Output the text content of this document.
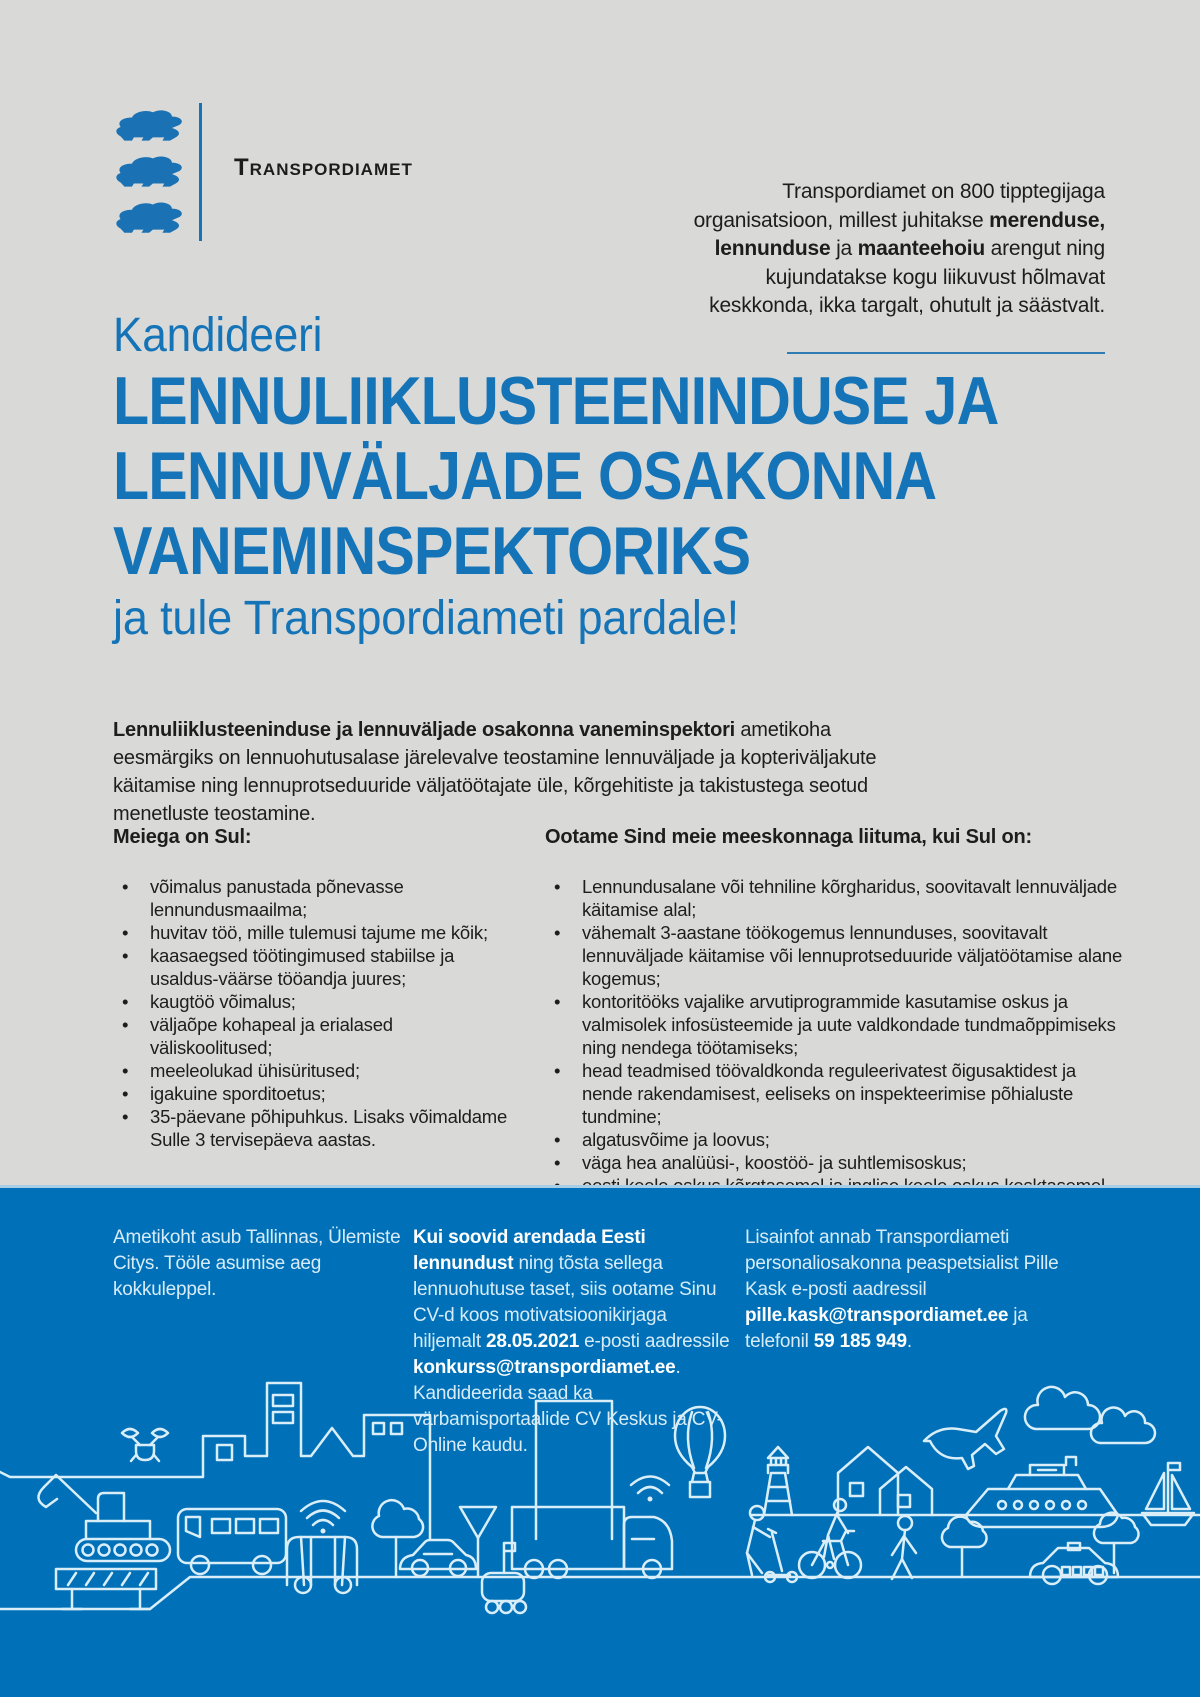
Transpordiamet

Transpordiamet on 800 tipptegijaga organisatsioon, millest juhitakse merenduse, lennunduse ja maanteehoiu arengut ning kujundatakse kogu liikuvust hõlmavat keskkonda, ikka targalt, ohutult ja säästvalt.

Kandideeri
LENNULIIKLUSTEENINDUSE JA
LENNUVÄLJADE OSAKONNA
VANEMINSPEKTORIKS
ja tule Transpordiameti pardale!

Lennuliiklusteeninduse ja lennuväljade osakonna vaneminspektori ametikoha eesmärgiks on lennuohutusalase järelevalve teostamine lennuväljade ja kopteriväljakute käitamise ning lennuprotseduuride väljatöötajate üle, kõrgehitiste ja takistustega seotud menetluste teostamine.

Meiega on Sul:

• võimalus panustada põnevasse lennundusmaailma;
• huvitav töö, mille tulemusi tajume me kõik;
• kaasaegsed töötingimused stabiilse ja usaldus-väärse tööandja juures;
• kaugtöö võimalus;
• väljaõpe kohapeal ja erialased väliskoolitused;
• meeleolukad ühisüritused;
• igakuine sporditoetus;
• 35-päevane põhipuhkus. Lisaks võimaldame Sulle 3 tervisepäeva aastas.

Ootame Sind meie meeskonnaga liituma, kui Sul on:

• Lennundusalane või tehniline kõrgharidus, soovitavalt lennuväljade käitamise alal;
• vähemalt 3-aastane töökogemus lennunduses, soovitavalt lennuväljade käitamise või lennuprotseduuride väljatöötamise alane kogemus;
• kontoritööks vajalike arvutiprogrammide kasutamise oskus ja valmisolek infosüsteemide ja uute valdkondade tundmaõppimiseks ning nendega töötamiseks;
• head teadmised töövaldkonda reguleerivatest õigusaktidest ja nende rakendamisest, eeliseks on inspekteerimise põhialuste tundmine;
• algatusvõime ja loovus;
• väga hea analüüsi-, koostöö- ja suhtlemisoskus;
•

Ametikoht asub Tallinnas, Ülemiste Citys. Tööle asumise aeg kokkuleppel.

Kui soovid arendada Eesti lennundust ning tõsta sellega lennuohutuse taset, siis ootame Sinu CV-d koos motivatsioonikirjaga hiljemalt 28.05.2021 e-posti aadressile konkurss@transpordiamet.ee. Kandideerida saad ka värbamisportaalide CV Keskus ja CV-Online kaudu.

Lisainfot annab Transpordiameti personaliosakonna peaspetsialist Pille Kask e-posti aadressil pille.kask@transpordiamet.ee ja telefonil 59 185 949.
